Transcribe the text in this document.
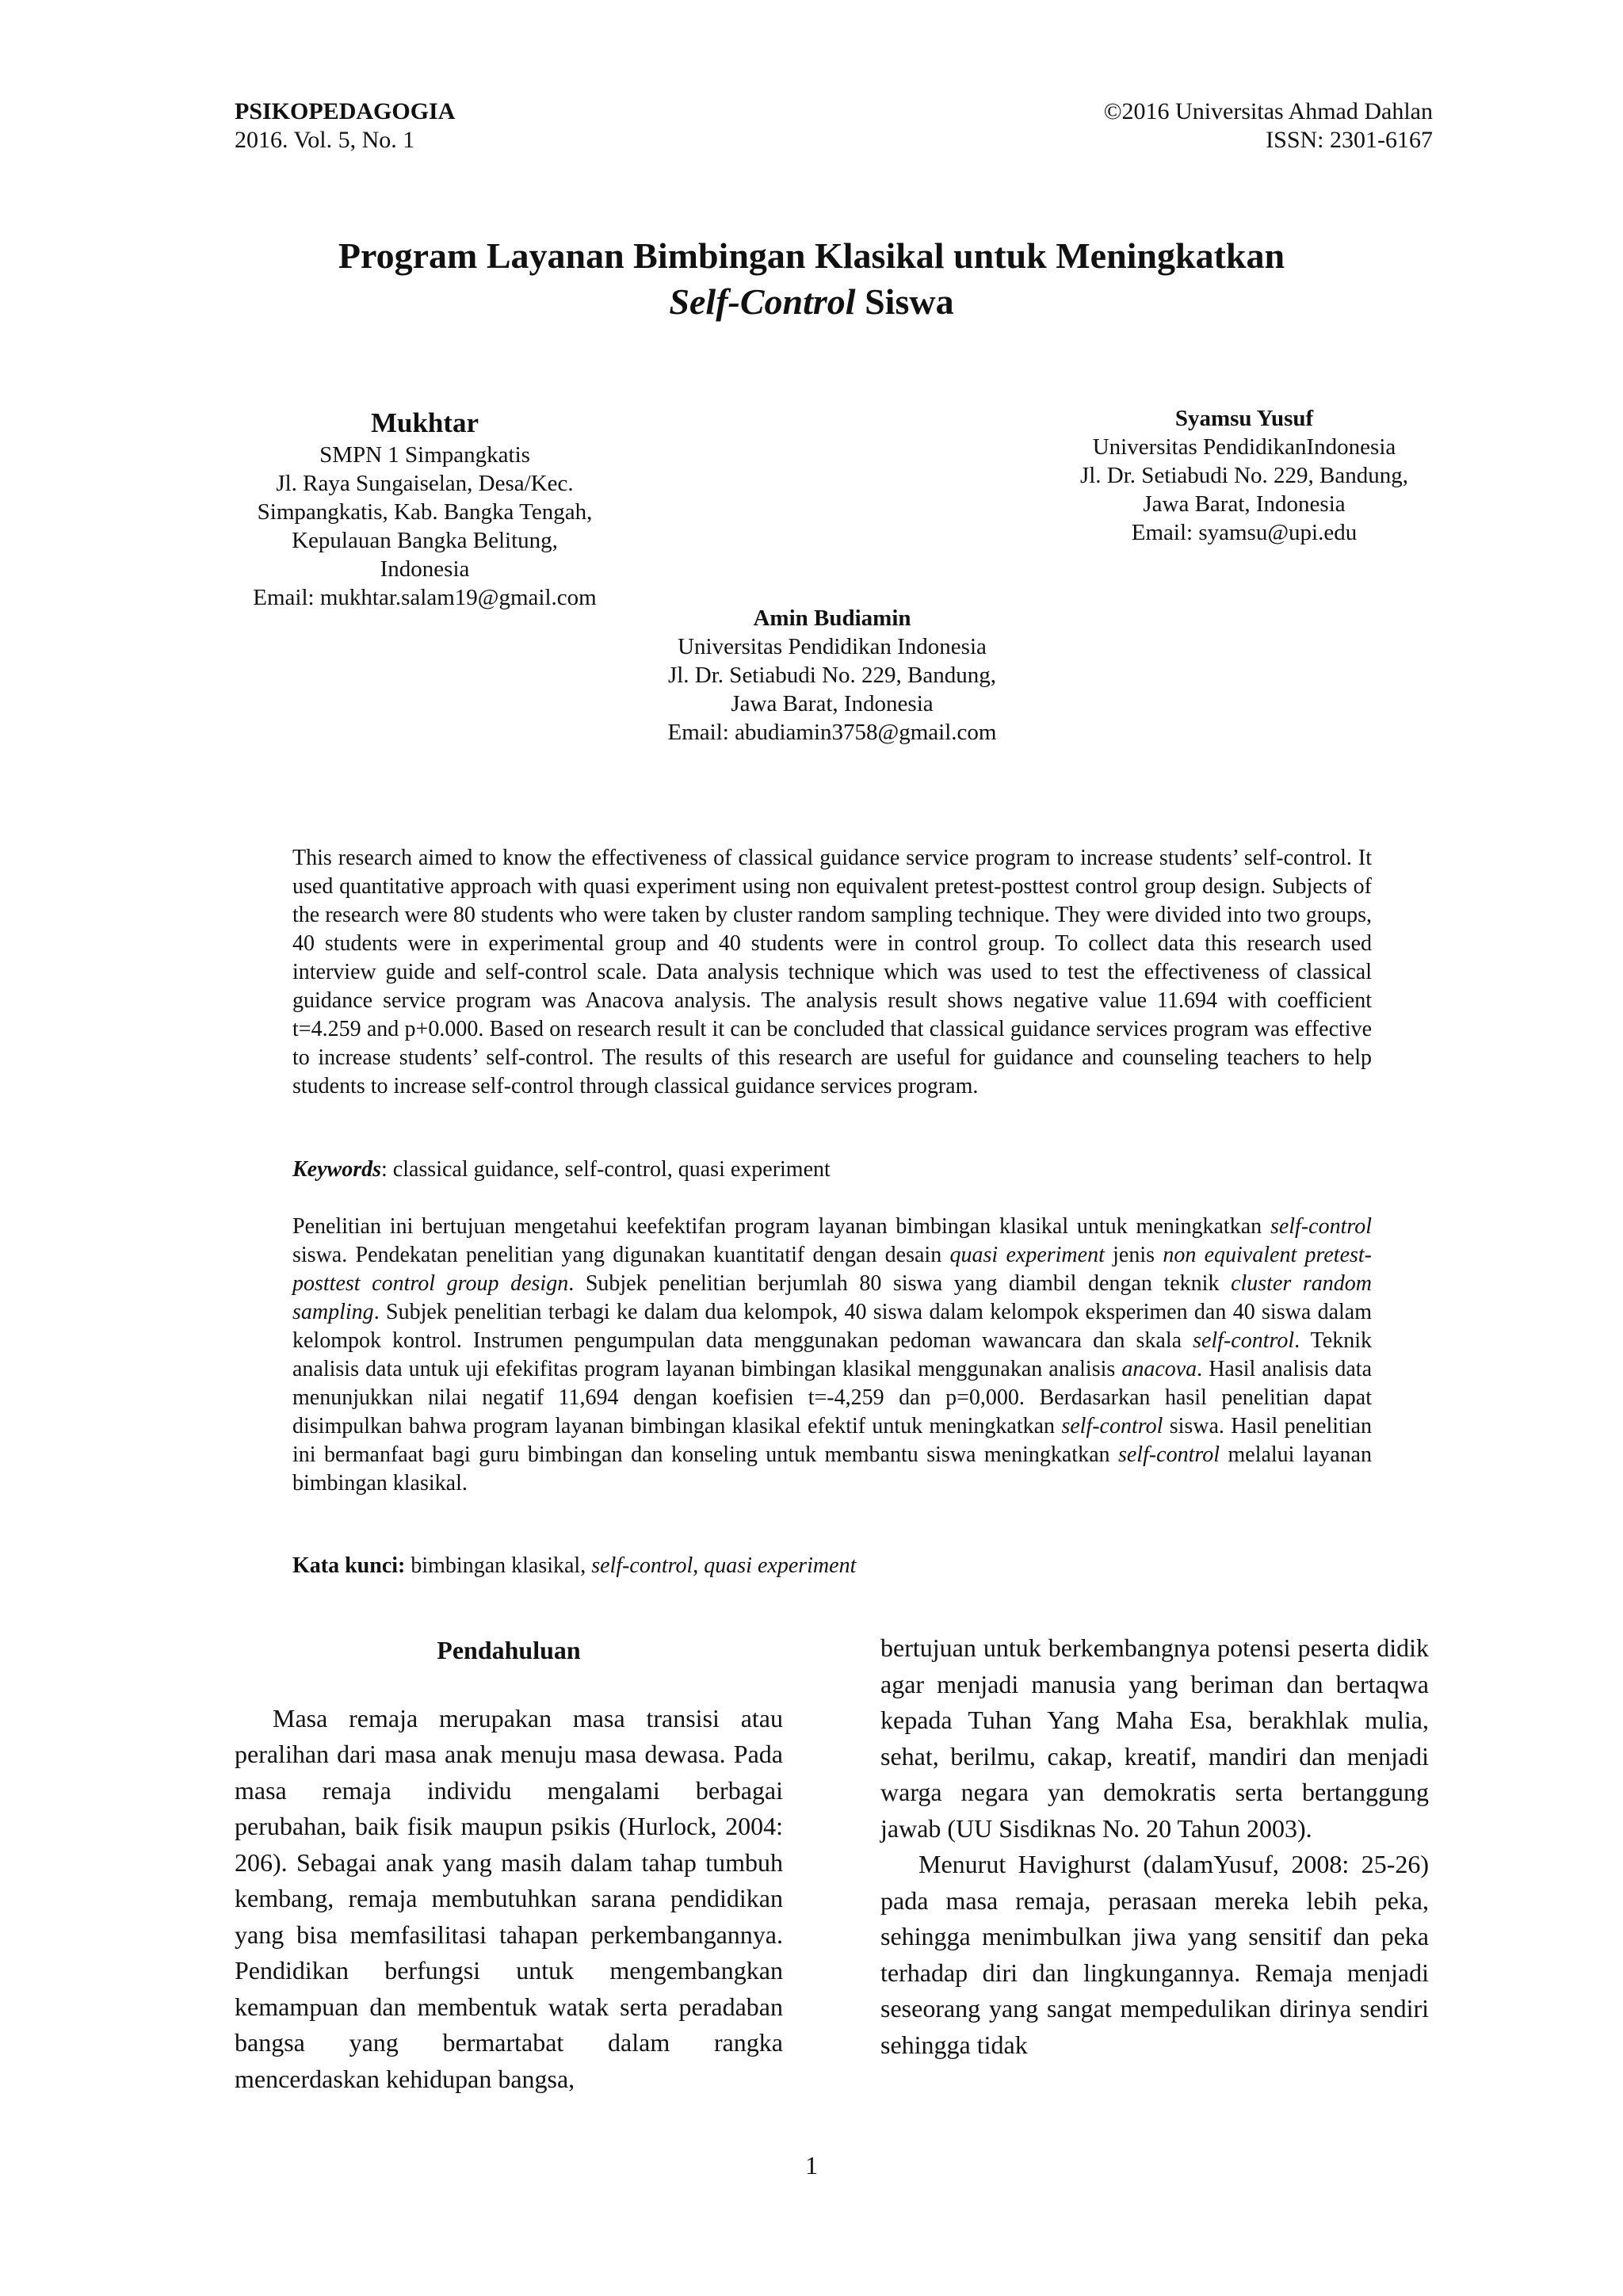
PSIKOPEDAGOGIA
2016. Vol. 5, No. 1
©2016 Universitas Ahmad Dahlan
ISSN: 2301-6167
Program Layanan Bimbingan Klasikal untuk Meningkatkan
Self-Control Siswa
Mukhtar
SMPN 1 Simpangkatis
Jl. Raya Sungaiselan, Desa/Kec.
Simpangkatis, Kab. Bangka Tengah,
Kepulauan Bangka Belitung,
Indonesia
Email: mukhtar.salam19@gmail.com
Syamsu Yusuf
Universitas PendidikanIndonesia
Jl. Dr. Setiabudi No. 229, Bandung,
Jawa Barat, Indonesia
Email: syamsu@upi.edu
Amin Budiamin
Universitas Pendidikan Indonesia
Jl. Dr. Setiabudi No. 229, Bandung,
Jawa Barat, Indonesia
Email: abudiamin3758@gmail.com

This research aimed to know the effectiveness of classical guidance service program to increase students’ self-control. It used quantitative approach with quasi experiment using non equivalent pretest-posttest control group design. Subjects of the research were 80 students who were taken by cluster random sampling technique. They were divided into two groups, 40 students were in experimental group and 40 students were in control group. To collect data this research used interview guide and self-control scale. Data analysis technique which was used to test the effectiveness of classical guidance service program was Anacova analysis. The analysis result shows negative value 11.694 with coefficient t=4.259 and p+0.000. Based on research result it can be concluded that classical guidance services program was effective to increase students’ self-control. The results of this research are useful for guidance and counseling teachers to help students to increase self-control through classical guidance services program.

Keywords: classical guidance, self-control, quasi experiment

Penelitian ini bertujuan mengetahui keefektifan program layanan bimbingan klasikal untuk meningkatkan self-control siswa. Pendekatan penelitian yang digunakan kuantitatif dengan desain quasi experiment jenis non equivalent pretest-posttest control group design. Subjek penelitian berjumlah 80 siswa yang diambil dengan teknik cluster random sampling. Subjek penelitian terbagi ke dalam dua kelompok, 40 siswa dalam kelompok eksperimen dan 40 siswa dalam kelompok kontrol. Instrumen pengumpulan data menggunakan pedoman wawancara dan skala self-control. Teknik analisis data untuk uji efekifitas program layanan bimbingan klasikal menggunakan analisis anacova. Hasil analisis data menunjukkan nilai negatif 11,694 dengan koefisien t=-4,259 dan p=0,000. Berdasarkan hasil penelitian dapat disimpulkan bahwa program layanan bimbingan klasikal efektif untuk meningkatkan self-control siswa. Hasil penelitian ini bermanfaat bagi guru bimbingan dan konseling untuk membantu siswa meningkatkan self-control melalui layanan bimbingan klasikal.

Kata kunci: bimbingan klasikal, self-control, quasi experiment

Pendahuluan

Masa remaja merupakan masa transisi atau peralihan dari masa anak menuju masa dewasa. Pada masa remaja individu mengalami berbagai perubahan, baik fisik maupun psikis (Hurlock, 2004: 206). Sebagai anak yang masih dalam tahap tumbuh kembang, remaja membutuhkan sarana pendidikan yang bisa memfasilitasi tahapan perkembangannya. Pendidikan berfungsi untuk mengembangkan kemampuan dan membentuk watak serta peradaban bangsa yang bermartabat dalam rangka mencerdaskan kehidupan bangsa,

bertujuan untuk berkembangnya potensi peserta didik agar menjadi manusia yang beriman dan bertaqwa kepada Tuhan Yang Maha Esa, berakhlak mulia, sehat, berilmu, cakap, kreatif, mandiri dan menjadi warga negara yan demokratis serta bertanggung jawab (UU Sisdiknas No. 20 Tahun 2003).

Menurut Havighurst (dalamYusuf, 2008: 25-26) pada masa remaja, perasaan mereka lebih peka, sehingga menimbulkan jiwa yang sensitif dan peka terhadap diri dan lingkungannya. Remaja menjadi seseorang yang sangat mempedulikan dirinya sendiri sehingga tidak

1
